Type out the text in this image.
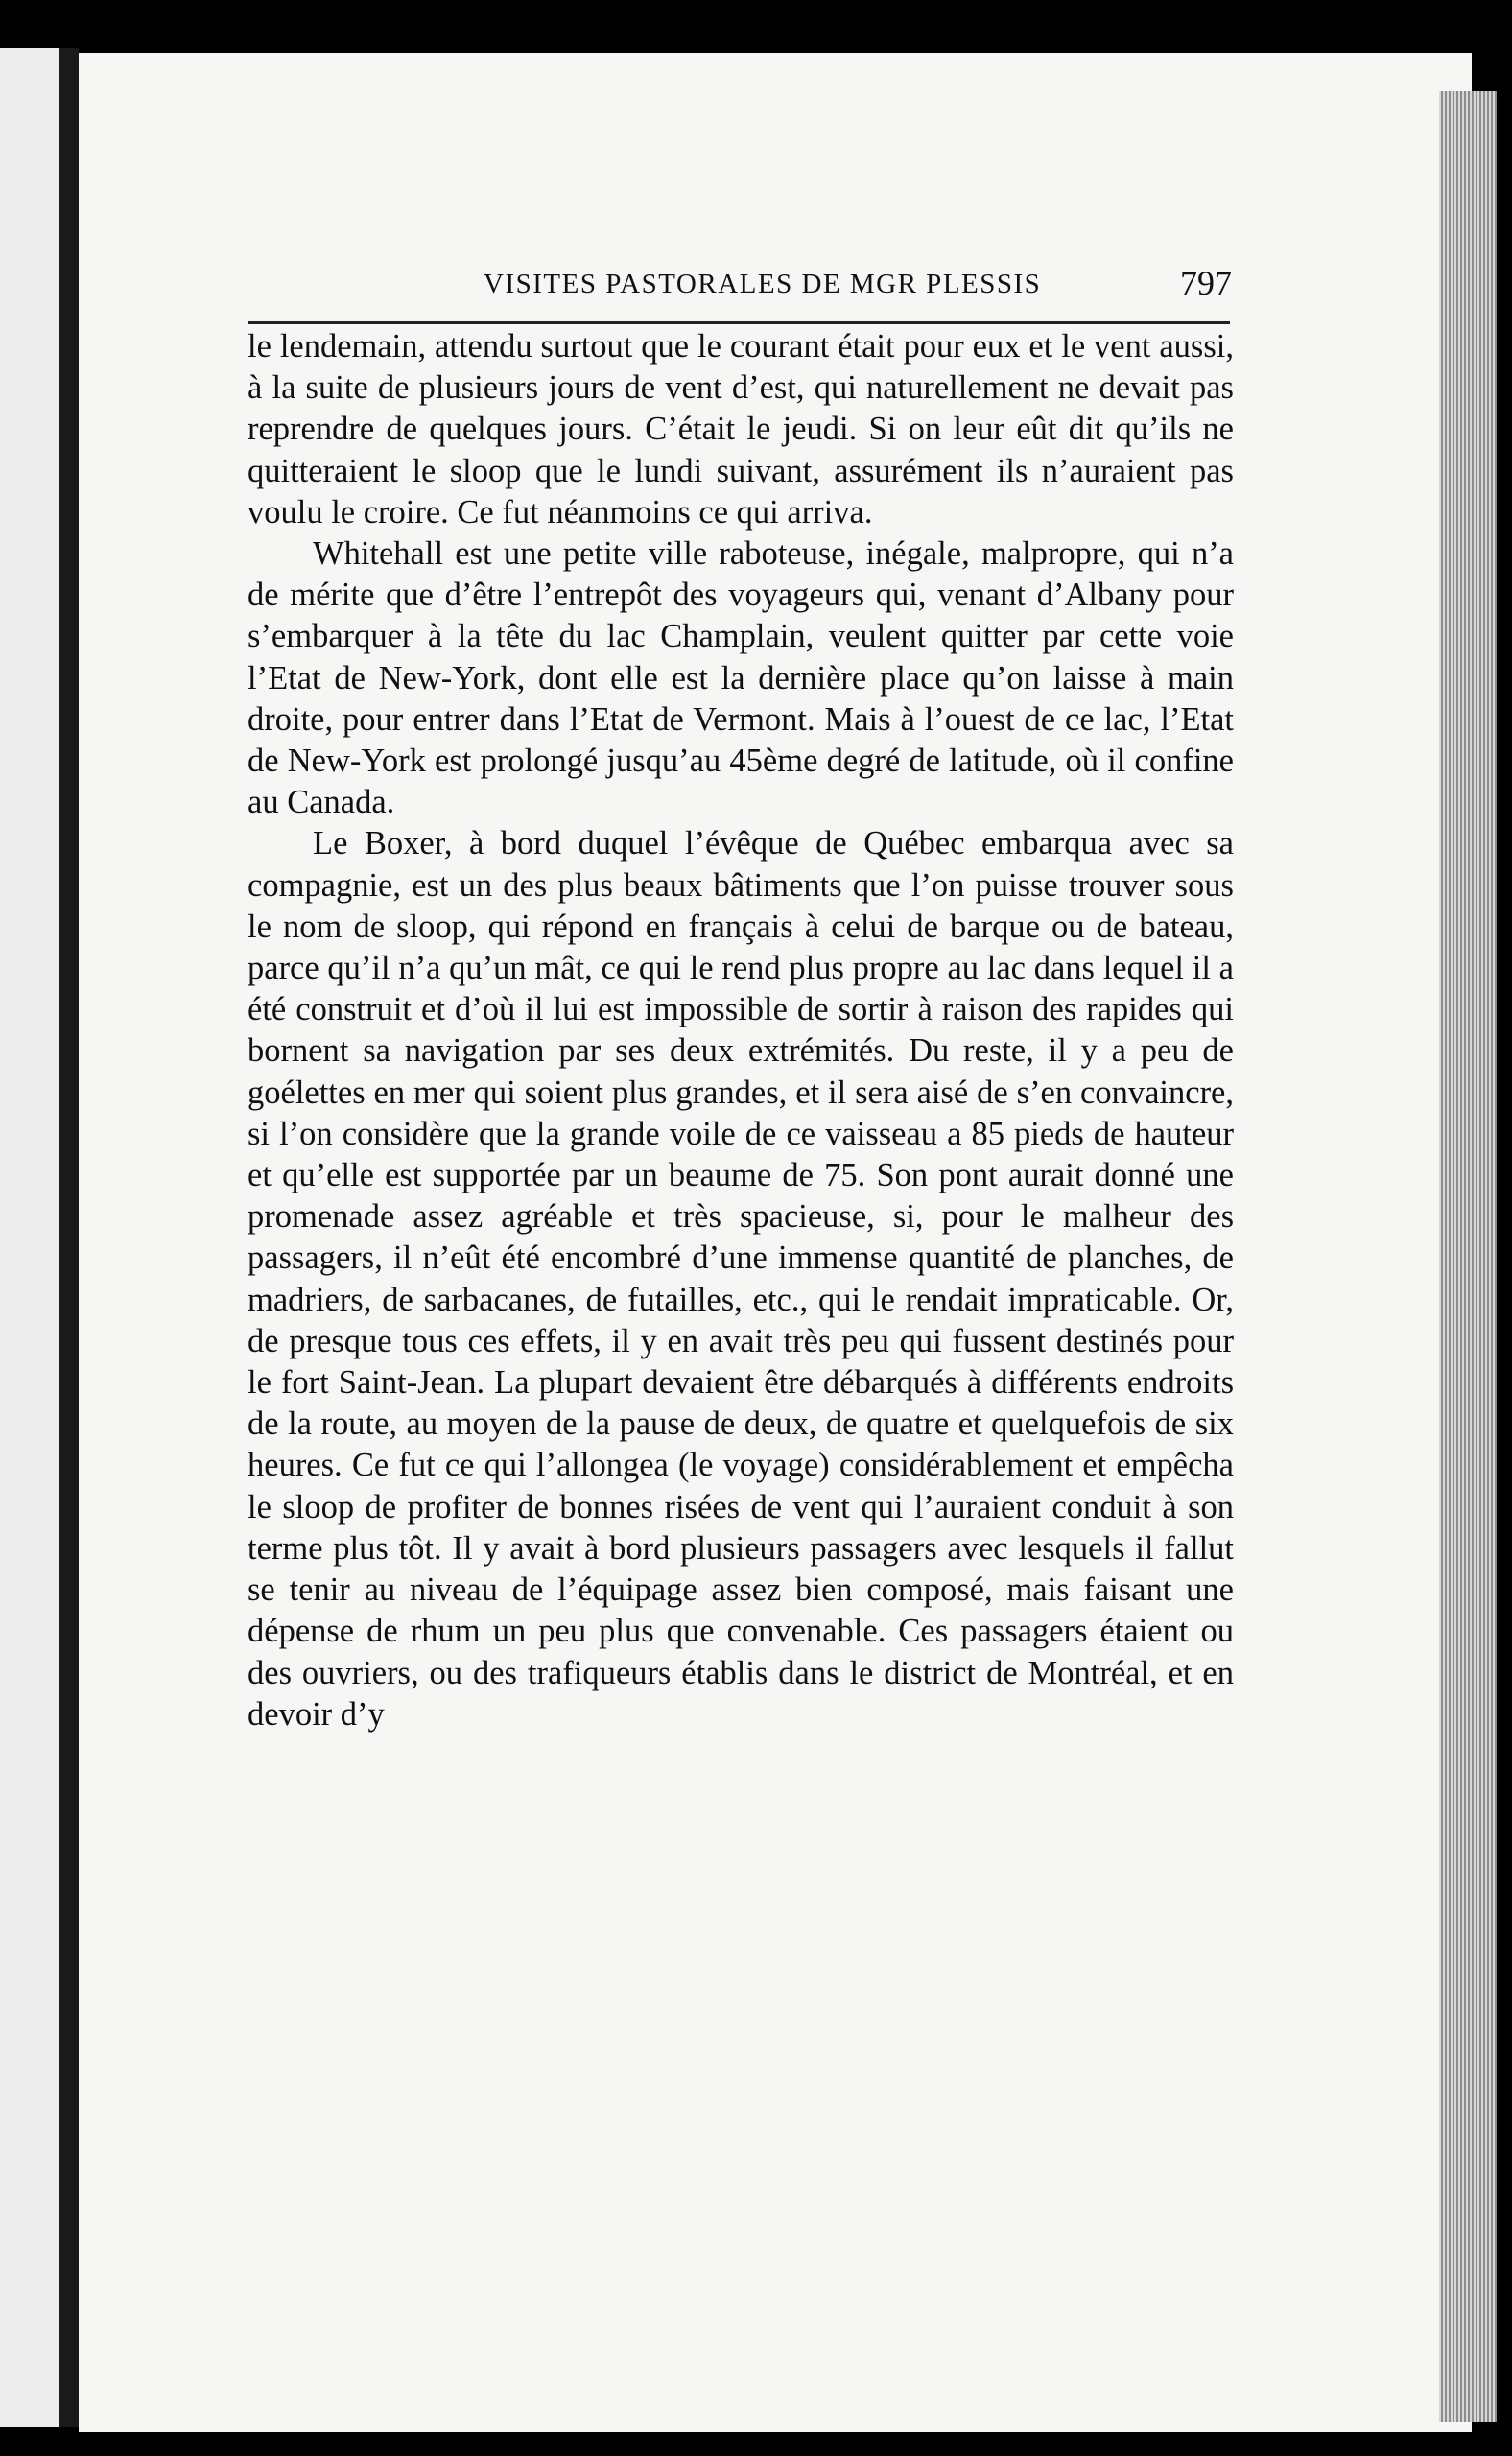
VISITES PASTORALES DE MGR PLESSIS	797

le lendemain, attendu surtout que le courant était pour eux et le vent aussi, à la suite de plusieurs jours de vent d’est, qui naturellement ne devait pas reprendre de quelques jours. C’était le jeudi. Si on leur eût dit qu’ils ne quitteraient le sloop que le lundi suivant, assurément ils n’auraient pas voulu le croire. Ce fut néanmoins ce qui arriva.

Whitehall est une petite ville raboteuse, inégale, malpropre, qui n’a de mérite que d’être l’entrepôt des voyageurs qui, venant d’Albany pour s’embarquer à la tête du lac Champlain, veulent quitter par cette voie l’Etat de New-York, dont elle est la dernière place qu’on laisse à main droite, pour entrer dans l’Etat de Vermont. Mais à l’ouest de ce lac, l’Etat de New-York est prolongé jusqu’au 45ème degré de latitude, où il confine au Canada.

Le Boxer, à bord duquel l’évêque de Québec embarqua avec sa compagnie, est un des plus beaux bâtiments que l’on puisse trouver sous le nom de sloop, qui répond en français à celui de barque ou de bateau, parce qu’il n’a qu’un mât, ce qui le rend plus propre au lac dans lequel il a été construit et d’où il lui est impossible de sortir à raison des rapides qui bornent sa navigation par ses deux extrémités. Du reste, il y a peu de goélettes en mer qui soient plus grandes, et il sera aisé de s’en convaincre, si l’on considère que la grande voile de ce vaisseau a 85 pieds de hauteur et qu’elle est supportée par un beaume de 75. Son pont aurait donné une promenade assez agréable et très spacieuse, si, pour le malheur des passagers, il n’eût été encombré d’une immense quantité de planches, de madriers, de sarbacanes, de futailles, etc., qui le rendait impraticable. Or, de presque tous ces effets, il y en avait très peu qui fussent destinés pour le fort Saint-Jean. La plupart devaient être débarqués à différents endroits de la route, au moyen de la pause de deux, de quatre et quelquefois de six heures. Ce fut ce qui l’allongea (le voyage) considérablement et empêcha le sloop de profiter de bonnes risées de vent qui l’auraient conduit à son terme plus tôt. Il y avait à bord plusieurs passagers avec lesquels il fallut se tenir au niveau de l’équipage assez bien composé, mais faisant une dépense de rhum un peu plus que convenable. Ces passagers étaient ou des ouvriers, ou des trafiqueurs établis dans le district de Montréal, et en devoir d’y
